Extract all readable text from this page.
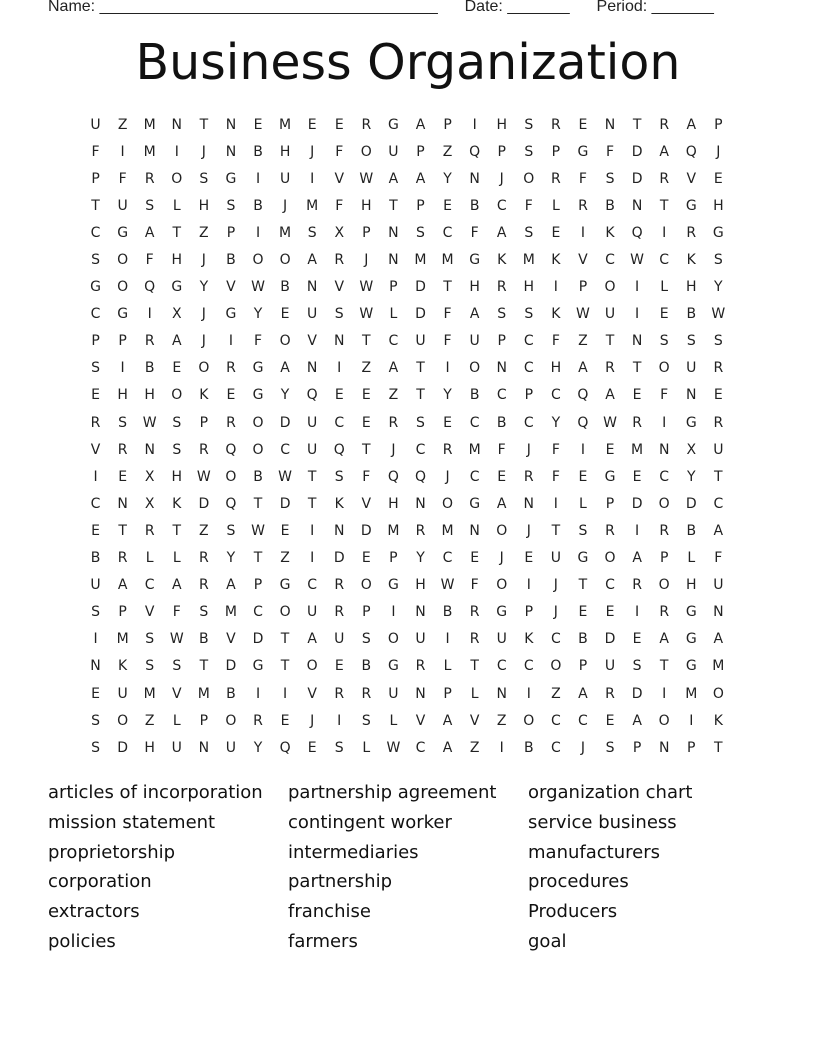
Name: ______________________________________ Date: _______ Period: _______
Business Organization
U	Z	M	N	T	N	E	M	E	E	R	G	A	P	I	H	S	R	E	N	T	R	A	P
F	I	M	I	J	N	B	H	J	F	O	U	P	Z	Q	P	S	P	G	F	D	A	Q	J
P	F	R	O	S	G	I	U	I	V	W	A	A	Y	N	J	O	R	F	S	D	R	V	E
T	U	S	L	H	S	B	J	M	F	H	T	P	E	B	C	F	L	R	B	N	T	G	H
C	G	A	T	Z	P	I	M	S	X	P	N	S	C	F	A	S	E	I	K	Q	I	R	G
S	O	F	H	J	B	O	O	A	R	J	N	M	M	G	K	M	K	V	C	W	C	K	S
G	O	Q	G	Y	V	W	B	N	V	W	P	D	T	H	R	H	I	P	O	I	L	H	Y
C	G	I	X	J	G	Y	E	U	S	W	L	D	F	A	S	S	K	W	U	I	E	B	W
P	P	R	A	J	I	F	O	V	N	T	C	U	F	U	P	C	F	Z	T	N	S	S	S
S	I	B	E	O	R	G	A	N	I	Z	A	T	I	O	N	C	H	A	R	T	O	U	R
E	H	H	O	K	E	G	Y	Q	E	E	Z	T	Y	B	C	P	C	Q	A	E	F	N	E
R	S	W	S	P	R	O	D	U	C	E	R	S	E	C	B	C	Y	Q	W	R	I	G	R
V	R	N	S	R	Q	O	C	U	Q	T	J	C	R	M	F	J	F	I	E	M	N	X	U
I	E	X	H	W	O	B	W	T	S	F	Q	Q	J	C	E	R	F	E	G	E	C	Y	T
C	N	X	K	D	Q	T	D	T	K	V	H	N	O	G	A	N	I	L	P	D	O	D	C
E	T	R	T	Z	S	W	E	I	N	D	M	R	M	N	O	J	T	S	R	I	R	B	A
B	R	L	L	R	Y	T	Z	I	D	E	P	Y	C	E	J	E	U	G	O	A	P	L	F
U	A	C	A	R	A	P	G	C	R	O	G	H	W	F	O	I	J	T	C	R	O	H	U
S	P	V	F	S	M	C	O	U	R	P	I	N	B	R	G	P	J	E	E	I	R	G	N
I	M	S	W	B	V	D	T	A	U	S	O	U	I	R	U	K	C	B	D	E	A	G	A
N	K	S	S	T	D	G	T	O	E	B	G	R	L	T	C	C	O	P	U	S	T	G	M
E	U	M	V	M	B	I	I	V	R	R	U	N	P	L	N	I	Z	A	R	D	I	M	O
S	O	Z	L	P	O	R	E	J	I	S	L	V	A	V	Z	O	C	C	E	A	O	I	K
S	D	H	U	N	U	Y	Q	E	S	L	W	C	A	Z	I	B	C	J	S	P	N	P	T
articles of incorporation	partnership agreement	organization chart
mission statement	contingent worker	service business
proprietorship	intermediaries	manufacturers
corporation	partnership	procedures
extractors	franchise	Producers
policies	farmers	goal
